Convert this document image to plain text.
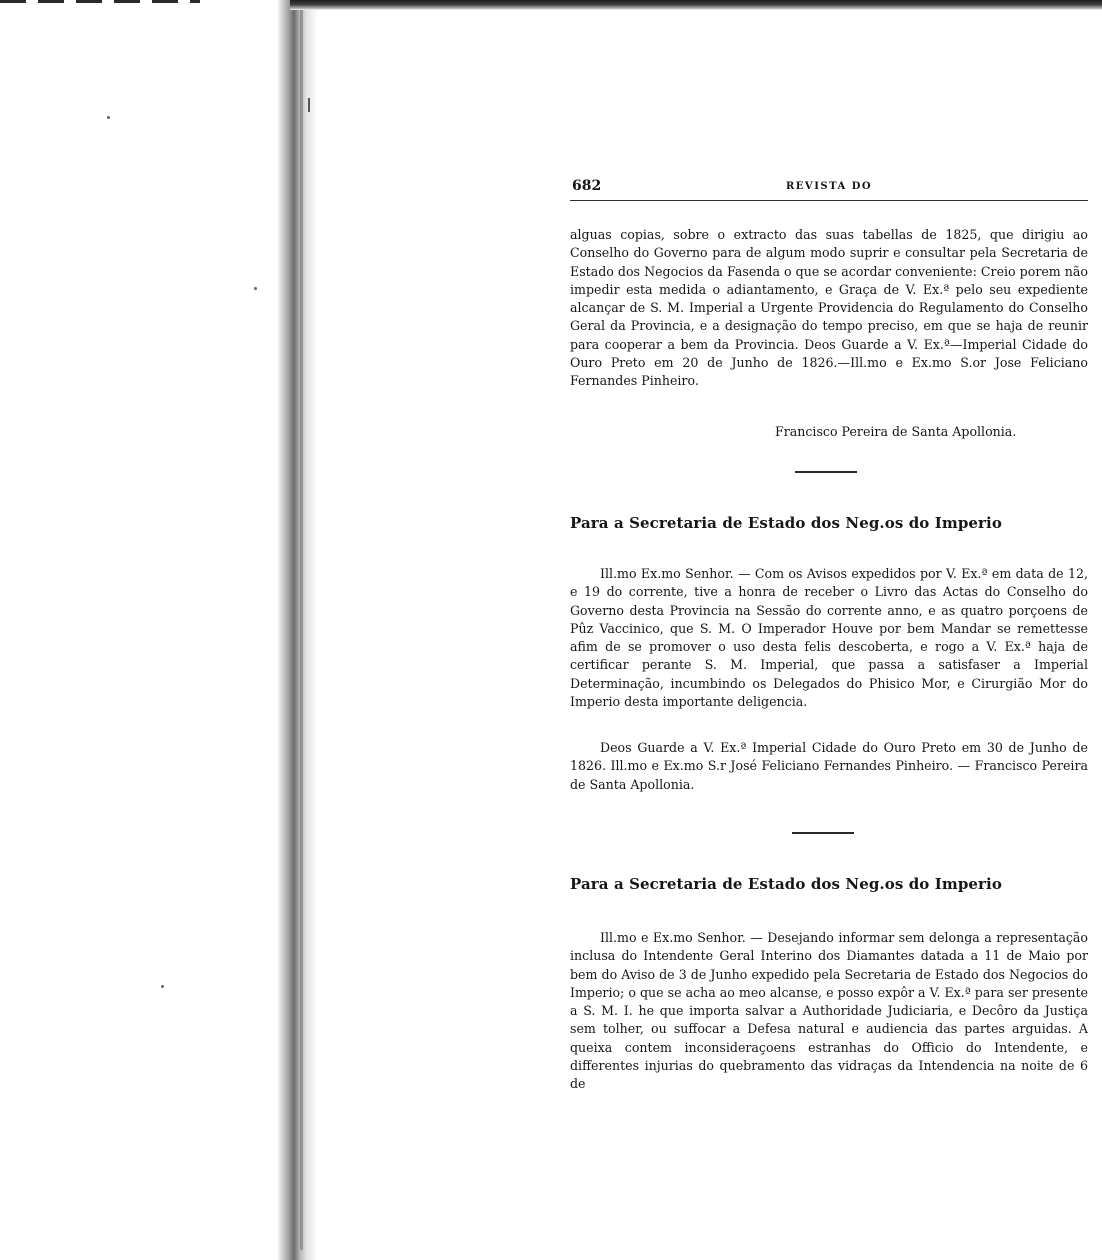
682	REVISTA DO

alguas copias, sobre o extracto das suas tabellas de 1825, que dirigiu ao Conselho do Governo para de algum modo suprir e consultar pela Secretaria de Estado dos Negocios da Fasenda o que se acordar conveniente: Creio porem não impedir esta medida o adiantamento, e Graça de V. Ex.ª pelo seu expediente alcançar de S. M. Imperial a Urgente Providencia do Regulamento do Conselho Geral da Provincia, e a designação do tempo preciso, em que se haja de reunir para cooperar a bem da Provincia. Deos Guarde a V. Ex.ª—Imperial Cidade do Ouro Preto em 20 de Junho de 1826.—Ill.mo e Ex.mo S.or Jose Feliciano Fernandes Pinheiro.

Francisco Pereira de Santa Apollonia.
Para a Secretaria de Estado dos Neg.os do Imperio

Ill.mo Ex.mo Senhor. — Com os Avisos expedidos por V. Ex.ª em data de 12, e 19 do corrente, tive a honra de receber o Livro das Actas do Conselho do Governo desta Provincia na Sessão do corrente anno, e as quatro porçoens de Pûz Vaccinico, que S. M. O Imperador Houve por bem Mandar se remettesse afim de se promover o uso desta felis descoberta, e rogo a V. Ex.ª haja de certificar perante S. M. Imperial, que passa a satisfaser a Imperial Determinação, incumbindo os Delegados do Phisico Mor, e Cirurgião Mor do Imperio desta importante deligencia.

Deos Guarde a V. Ex.ª Imperial Cidade do Ouro Preto em 30 de Junho de 1826. Ill.mo e Ex.mo S.r José Feliciano Fernandes Pinheiro. — Francisco Pereira de Santa Apollonia.

Para a Secretaria de Estado dos Neg.os do Imperio

Ill.mo e Ex.mo Senhor. — Desejando informar sem delonga a representação inclusa do Intendente Geral Interino dos Diamantes datada a 11 de Maio por bem do Aviso de 3 de Junho expedido pela Secretaria de Estado dos Negocios do Imperio; o que se acha ao meo alcanse, e posso expôr a V. Ex.ª para ser presente a S. M. I. he que importa salvar a Authoridade Judiciaria, e Decôro da Justiça sem tolher, ou suffocar a Defesa natural e audiencia das partes arguidas. A queixa contem inconsideraçoens estranhas do Officio do Intendente, e differentes injurias do quebramento das vidraças da Intendencia na noite de 6 de
